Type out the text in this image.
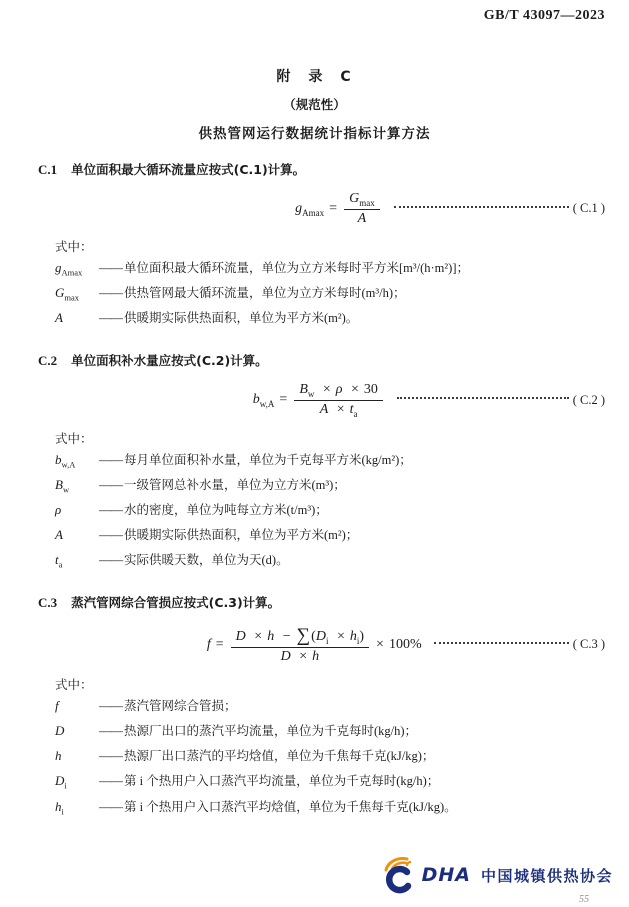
GB/T 43097—2023
附　录　C
（规范性）
供热管网运行数据统计指标计算方法
C.1 单位面积最大循环流量应按式(C.1)计算。
$g_{Amax} = \frac{G_{max}}{A}$	( C.1 )
式中：
$g_{Amax}$	—— 单位面积最大循环流量，单位为立方米每时平方米[m³/(h·m²)]；
$G_{max}$	—— 供热管网最大循环流量，单位为立方米每时(m³/h)；
A	—— 供暖期实际供热面积，单位为平方米(m²)。
C.2 单位面积补水量应按式(C.2)计算。
$b_{w,A} = \frac{B_w \times \rho \times 30}{A \times t_a}$	( C.2 )
式中：
$b_{w,A}$	—— 每月单位面积补水量，单位为千克每平方米(kg/m²)；
$B_w$	—— 一级管网总补水量，单位为立方米(m³)；
ρ	—— 水的密度，单位为吨每立方米(t/m³)；
A	—— 供暖期实际供热面积，单位为平方米(m²)；
$t_a$	—— 实际供暖天数，单位为天(d)。
C.3 蒸汽管网综合管损应按式(C.3)计算。
$f = \frac{D \times h - \sum(D_i \times h_i)}{D \times h} \times 100\%$	( C.3 )
式中：
f	—— 蒸汽管网综合管损；
D	—— 热源厂出口的蒸汽平均流量，单位为千克每时(kg/h)；
h	—— 热源厂出口蒸汽的平均焓值，单位为千焦每千克(kJ/kg)；
$D_i$	—— 第 i 个热用户入口蒸汽平均流量，单位为千克每时(kg/h)；
$h_i$	—— 第 i 个热用户入口蒸汽平均焓值，单位为千焦每千克(kJ/kg)。
DHA 中国城镇供热协会
55
